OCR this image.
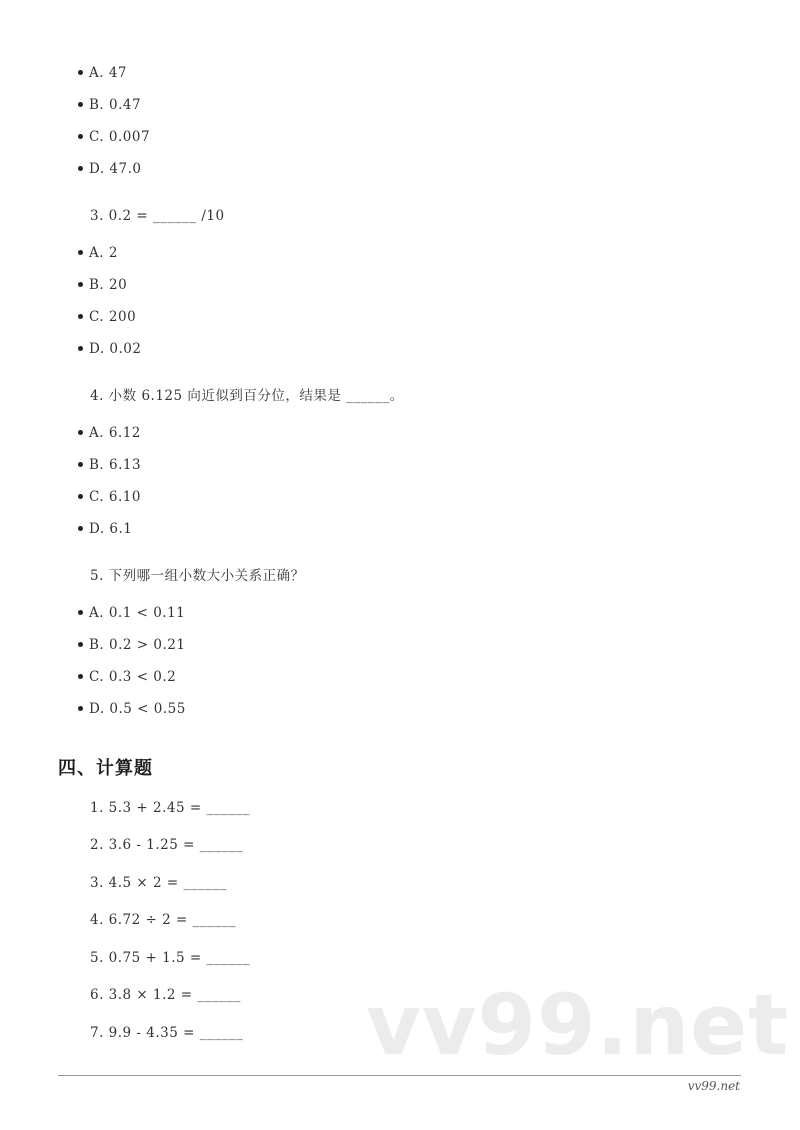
vv99.net
A. 47
B. 0.47
C. 0.007
D. 47.0
3. 0.2 = ______ /10
A. 2
B. 20
C. 200
D. 0.02
4. 小数 6.125 向近似到百分位，结果是 ______。
A. 6.12
B. 6.13
C. 6.10
D. 6.1
5. 下列哪一组小数大小关系正确？
A. 0.1 < 0.11
B. 0.2 > 0.21
C. 0.3 < 0.2
D. 0.5 < 0.55
四、计算题
1. 5.3 + 2.45 = ______
2. 3.6 - 1.25 = ______
3. 4.5 × 2 = ______
4. 6.72 ÷ 2 = ______
5. 0.75 + 1.5 = ______
6. 3.8 × 1.2 = ______
7. 9.9 - 4.35 = ______
vv99.net
